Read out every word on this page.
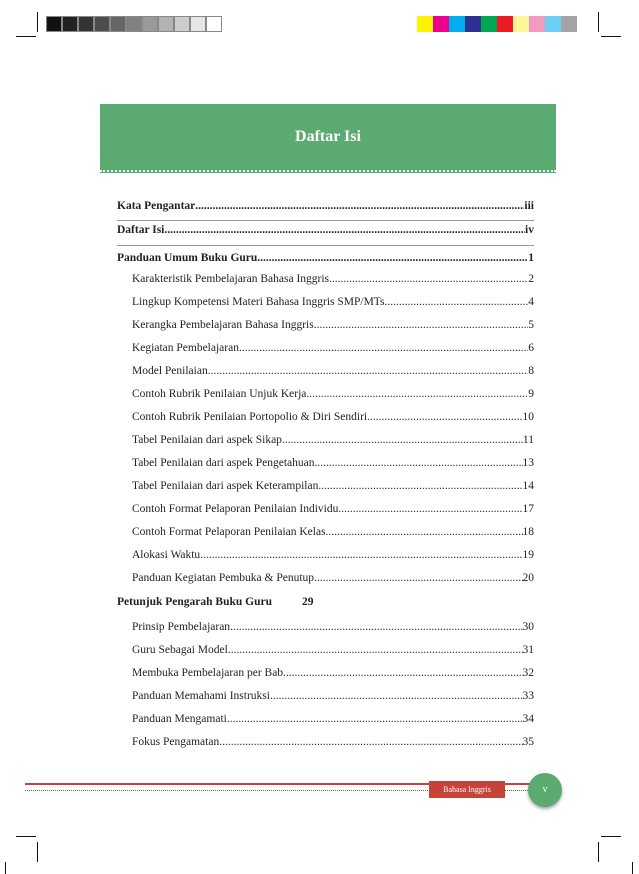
Daftar Isi
Kata Pengantar .....	iii
Daftar Isi .....	iv
Panduan Umum Buku Guru .....	1
Karakteristik Pembelajaran Bahasa Inggris .....	2
Lingkup Kompetensi Materi Bahasa Inggris SMP/MTs .....	4
Kerangka Pembelajaran Bahasa Inggris .....	5
Kegiatan Pembelajaran .....	6
Model Penilaian .....	8
Contoh Rubrik Penilaian Unjuk Kerja .....	9
Contoh Rubrik Penilaian Portopolio & Diri Sendiri .....	10
Tabel Penilaian dari aspek Sikap .....	11
Tabel Penilaian dari aspek Pengetahuan .....	13
Tabel Penilaian dari aspek Keterampilan .....	14
Contoh Format Pelaporan Penilaian Individu .....	17
Contoh Format Pelaporan Penilaian Kelas .....	18
Alokasi Waktu .....	19
Panduan Kegiatan Pembuka & Penutup .....	20
Petunjuk Pengarah Buku Guru	29
Prinsip Pembelajaran .....	30
Guru Sebagai Model .....	31
Membuka Pembelajaran per Bab .....	32
Panduan Memahami Instruksi .....	33
Panduan Mengamati .....	34
Fokus Pengamatan .....	35
Bahasa Inggris	v
